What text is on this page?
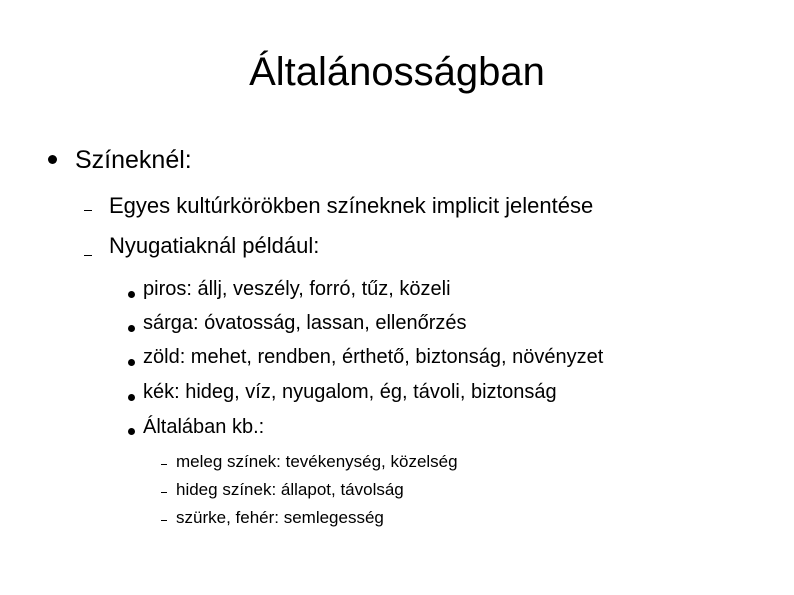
Általánosságban
Színeknél:
Egyes kultúrkörökben színeknek implicit jelentése
Nyugatiaknál például:
piros: állj, veszély, forró, tűz, közeli
sárga: óvatosság, lassan, ellenőrzés
zöld: mehet, rendben, érthető, biztonság, növényzet
kék: hideg, víz, nyugalom, ég, távoli, biztonság
Általában kb.:
meleg színek: tevékenység, közelség
hideg színek: állapot, távolság
szürke, fehér: semlegesség
